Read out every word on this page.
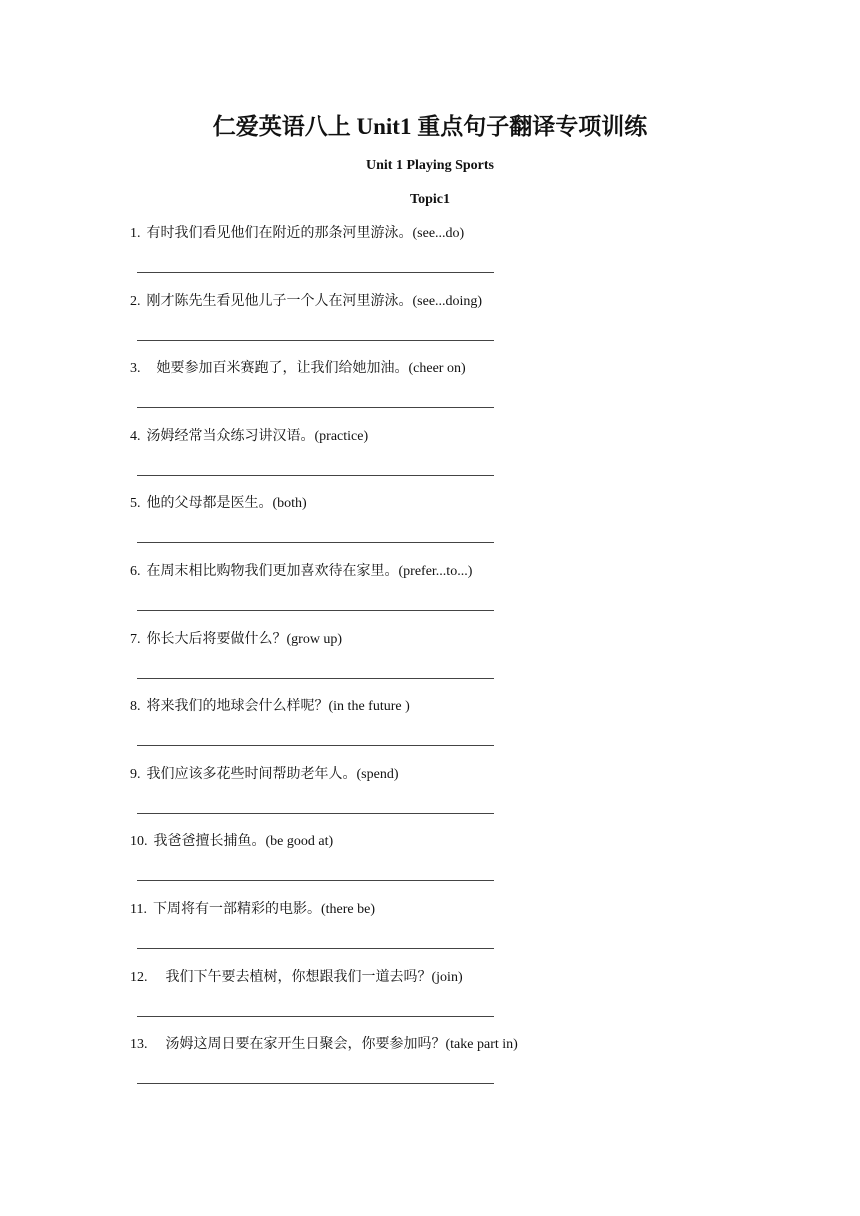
仁爱英语八上 Unit1 重点句子翻译专项训练
Unit 1 Playing Sports
Topic1
1. 有时我们看见他们在附近的那条河里游泳。(see...do)
2. 刚才陈先生看见他儿子一个人在河里游泳。(see...doing)
3. 她要参加百米赛跑了，让我们给她加油。(cheer on)
4. 汤姆经常当众练习讲汉语。(practice)
5. 他的父母都是医生。(both)
6. 在周末相比购物我们更加喜欢待在家里。(prefer...to...)
7. 你长大后将要做什么？(grow up)
8. 将来我们的地球会什么样呢？(in the future )
9. 我们应该多花些时间帮助老年人。(spend)
10. 我爸爸擅长捕鱼。(be good at)
11. 下周将有一部精彩的电影。(there be)
12. 我们下午要去植树，你想跟我们一道去吗？(join)
13. 汤姆这周日要在家开生日聚会，你要参加吗？(take part in)
